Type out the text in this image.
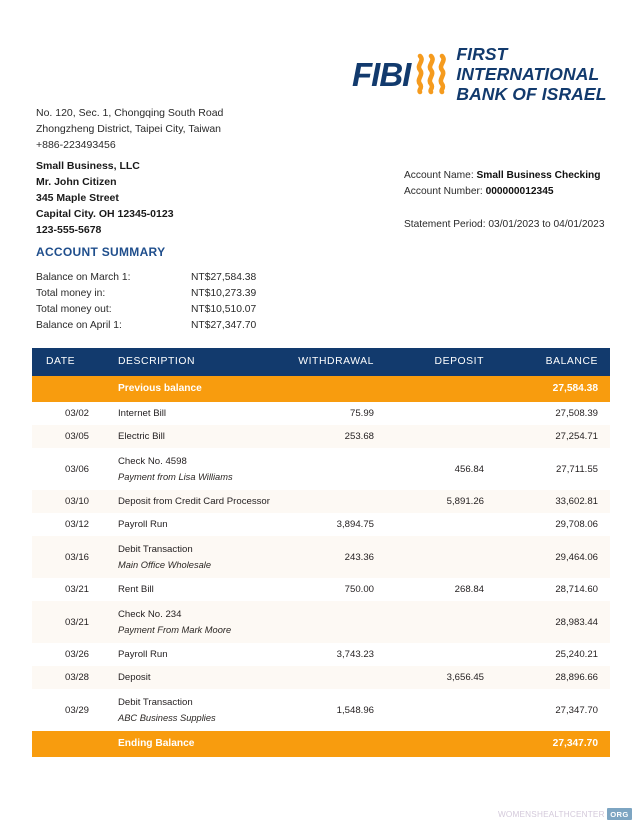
FIBI
FIRST INTERNATIONAL
BANK OF ISRAEL
No. 120, Sec. 1, Chongqing South Road
Zhongzheng District, Taipei City, Taiwan
+886-223493456
Small Business, LLC
Mr. John Citizen
345 Maple Street
Capital City. OH 12345-0123
123-555-5678
Account Name: Small Business Checking
Account Number: 000000012345
Statement Period: 03/01/2023 to 04/01/2023
ACCOUNT SUMMARY
Balance on March 1:	NT$27,584.38
Total money in:	NT$10,273.39
Total money out:	NT$10,510.07
Balance on April 1:	NT$27,347.70
DATE	DESCRIPTION	WITHDRAWAL	DEPOSIT	BALANCE
	Previous balance			27,584.38
03/02	Internet Bill	75.99		27,508.39
03/05	Electric Bill	253.68		27,254.71
03/06	Check No. 4598
Payment from Lisa Williams		456.84	27,711.55
03/10	Deposit from Credit Card Processor		5,891.26	33,602.81
03/12	Payroll Run	3,894.75		29,708.06
03/16	Debit Transaction
Main Office Wholesale	243.36		29,464.06
03/21	Rent Bill	750.00	268.84	28,714.60
03/21	Check No. 234
Payment From Mark Moore			28,983.44
03/26	Payroll Run	3,743.23		25,240.21
03/28	Deposit		3,656.45	28,896.66
03/29	Debit Transaction
ABC Business Supplies	1,548.96		27,347.70
	Ending Balance			27,347.70
WOMENSHEALTHCENTER ORG
